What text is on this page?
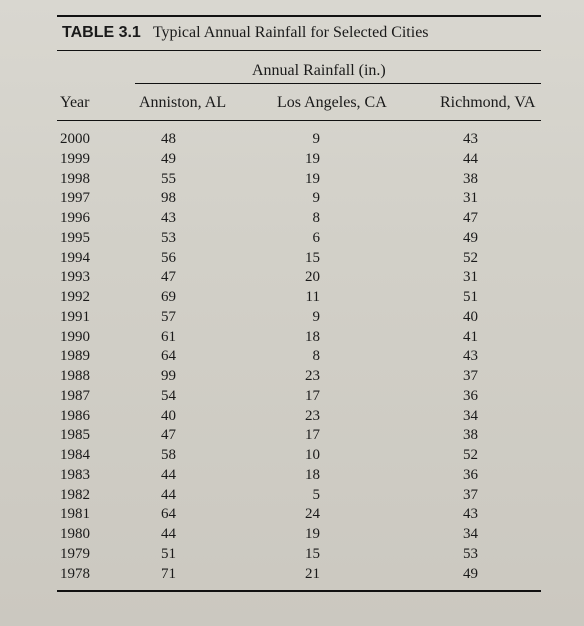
TABLE 3.1 Typical Annual Rainfall for Selected Cities
Annual Rainfall (in.)
Year	Anniston, AL	Los Angeles, CA	Richmond, VA
2000	48	9	43
1999	49	19	44
1998	55	19	38
1997	98	9	31
1996	43	8	47
1995	53	6	49
1994	56	15	52
1993	47	20	31
1992	69	11	51
1991	57	9	40
1990	61	18	41
1989	64	8	43
1988	99	23	37
1987	54	17	36
1986	40	23	34
1985	47	17	38
1984	58	10	52
1983	44	18	36
1982	44	5	37
1981	64	24	43
1980	44	19	34
1979	51	15	53
1978	71	21	49
